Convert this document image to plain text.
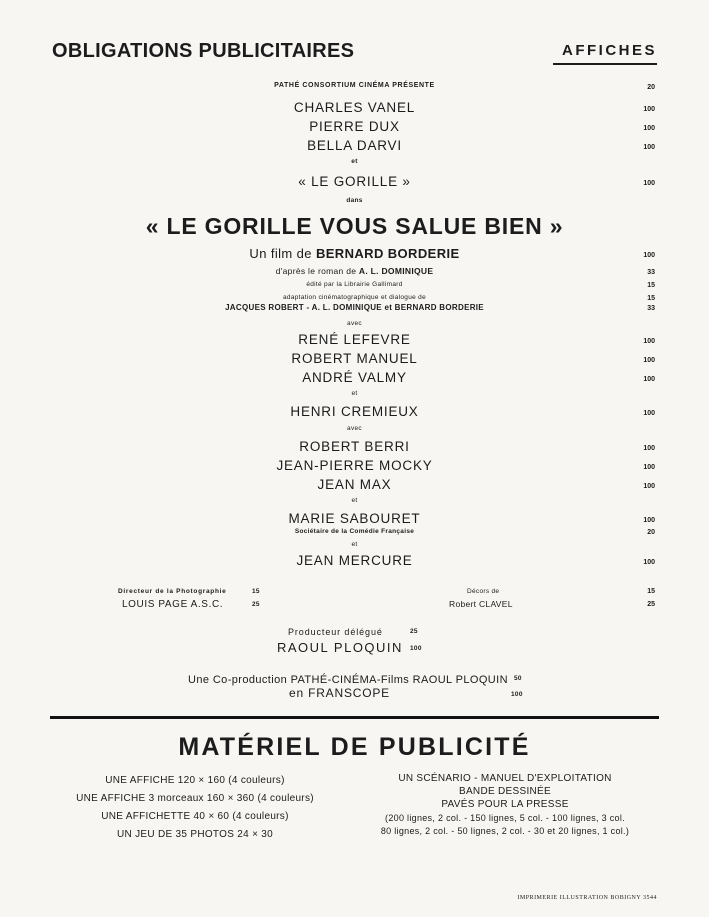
OBLIGATIONS PUBLICITAIRES	AFFICHES
PATHÉ CONSORTIUM CINÉMA PRÉSENTE	20
CHARLES VANEL	100
PIERRE DUX	100
BELLA DARVI	100
et
« LE GORILLE »	100
dans
« LE GORILLE VOUS SALUE BIEN »
Un film de BERNARD BORDERIE	100
d'après le roman de A. L. DOMINIQUE	33
édité par la Librairie Gallimard	15
adaptation cinématographique et dialogue de	15
JACQUES ROBERT - A. L. DOMINIQUE et BERNARD BORDERIE	33
avec
RENÉ LEFEVRE	100
ROBERT MANUEL	100
ANDRÉ VALMY	100
et
HENRI CREMIEUX	100
avec
ROBERT BERRI	100
JEAN-PIERRE MOCKY	100
JEAN MAX	100
et
MARIE SABOURET	100
Sociétaire de la Comédie Française	20
et
JEAN MERCURE	100
Directeur de la Photographie	15
LOUIS PAGE A.S.C.	25
Décors de	15
Robert CLAVEL	25
Producteur délégué	25
RAOUL PLOQUIN 100
Une Co-production PATHÉ-CINÉMA-Films RAOUL PLOQUIN 50
en FRANSCOPE	100
MATÉRIEL DE PUBLICITÉ
UNE AFFICHE 120 × 160 (4 couleurs)
UNE AFFICHE 3 morceaux 160 × 360 (4 couleurs)
UNE AFFICHETTE 40 × 60 (4 couleurs)
UN JEU DE 35 PHOTOS 24 × 30
UN SCÉNARIO - MANUEL D'EXPLOITATION
BANDE DESSINÉE
PAVÉS POUR LA PRESSE
(200 lignes, 2 col. - 150 lignes, 5 col. - 100 lignes, 3 col.
80 lignes, 2 col. - 50 lignes, 2 col. - 30 et 20 lignes, 1 col.)
IMPRIMERIE ILLUSTRATION BOBIGNY 3544
